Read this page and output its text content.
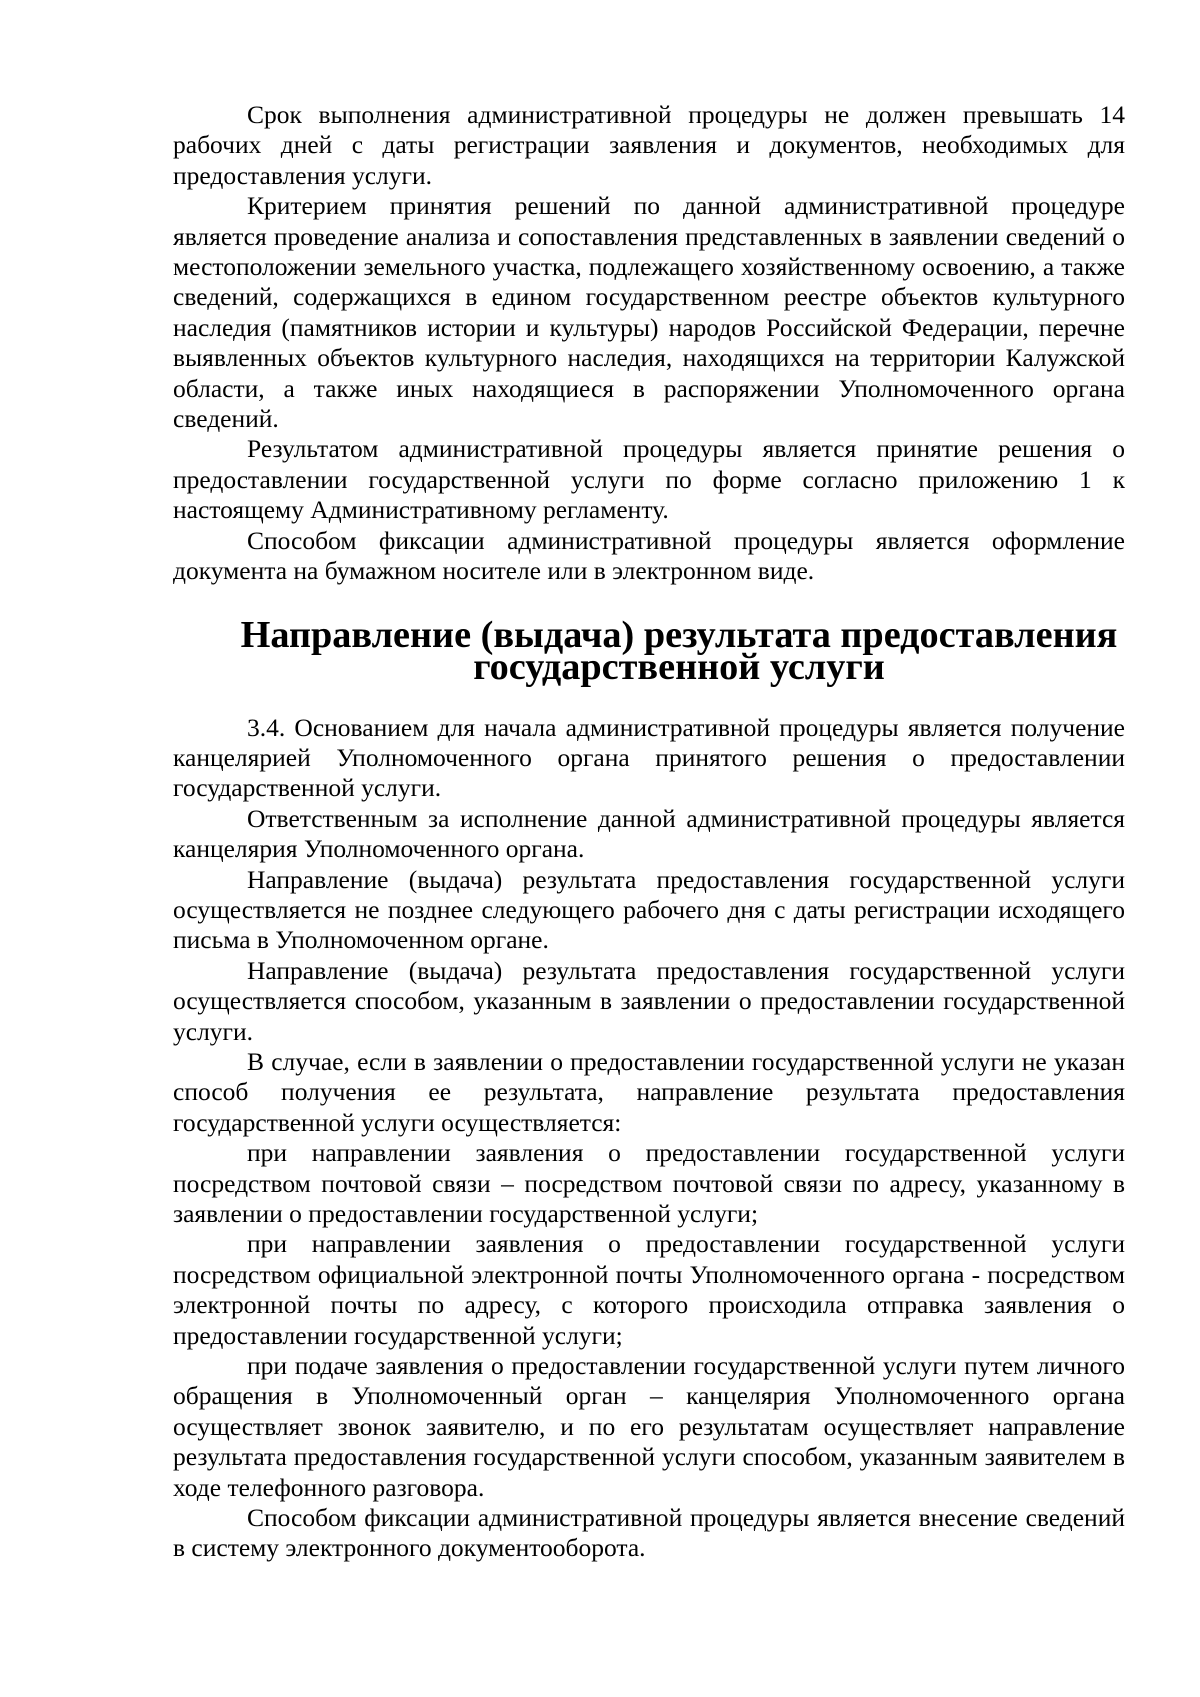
Срок выполнения административной процедуры не должен превышать 14 рабочих дней с даты регистрации заявления и документов, необходимых для предоставления услуги.

Критерием принятия решений по данной административной процедуре является проведение анализа и сопоставления представленных в заявлении сведений о местоположении земельного участка, подлежащего хозяйственному освоению, а также сведений, содержащихся в едином государственном реестре объектов культурного наследия (памятников истории и культуры) народов Российской Федерации, перечне выявленных объектов культурного наследия, находящихся на территории Калужской области, а также иных находящиеся в распоряжении Уполномоченного органа сведений.

Результатом административной процедуры является принятие решения о предоставлении государственной услуги по форме согласно приложению 1 к настоящему Административному регламенту.

Способом фиксации административной процедуры является оформление документа на бумажном носителе или в электронном виде.

Направление (выдача) результата предоставления государственной услуги

3.4. Основанием для начала административной процедуры является получение канцелярией Уполномоченного органа принятого решения о предоставлении государственной услуги.

Ответственным за исполнение данной административной процедуры является канцелярия Уполномоченного органа.

Направление (выдача) результата предоставления государственной услуги осуществляется не позднее следующего рабочего дня с даты регистрации исходящего письма в Уполномоченном органе.

Направление (выдача) результата предоставления государственной услуги осуществляется способом, указанным в заявлении о предоставлении государственной услуги.

В случае, если в заявлении о предоставлении государственной услуги не указан способ получения ее результата, направление результата предоставления государственной услуги осуществляется:

при направлении заявления о предоставлении государственной услуги посредством почтовой связи – посредством почтовой связи по адресу, указанному в заявлении о предоставлении государственной услуги;

при направлении заявления о предоставлении государственной услуги посредством официальной электронной почты Уполномоченного органа - посредством электронной почты по адресу, с которого происходила отправка заявления о предоставлении государственной услуги;

при подаче заявления о предоставлении государственной услуги путем личного обращения в Уполномоченный орган – канцелярия Уполномоченного органа осуществляет звонок заявителю, и по его результатам осуществляет направление результата предоставления государственной услуги способом, указанным заявителем в ходе телефонного разговора.

Способом фиксации административной процедуры является внесение сведений в систему электронного документооборота.
